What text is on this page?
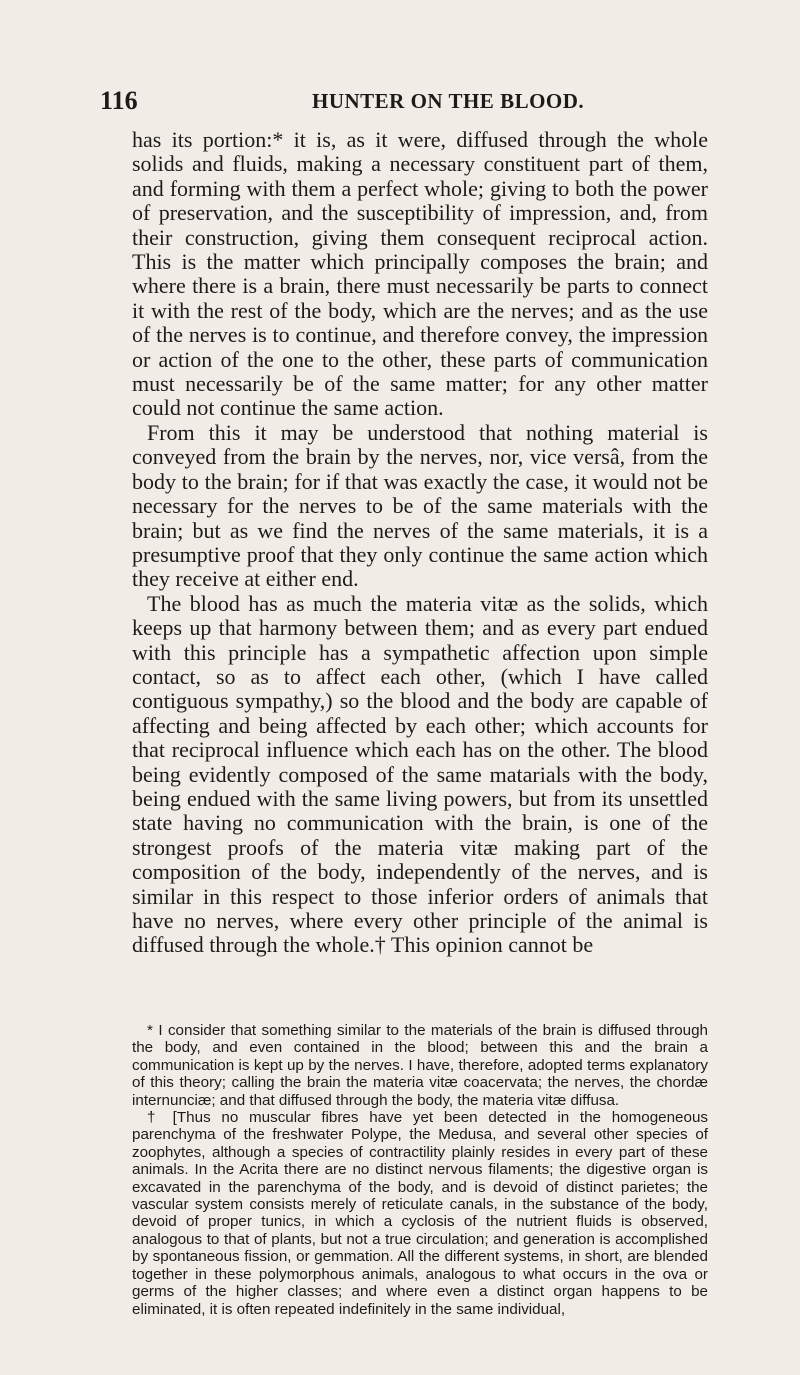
116	HUNTER ON THE BLOOD.

has its portion:* it is, as it were, diffused through the whole solids and fluids, making a necessary constituent part of them, and forming with them a perfect whole; giving to both the power of preservation, and the susceptibility of impression, and, from their construction, giving them consequent reciprocal action. This is the matter which principally composes the brain; and where there is a brain, there must necessarily be parts to connect it with the rest of the body, which are the nerves; and as the use of the nerves is to continue, and therefore convey, the impression or action of the one to the other, these parts of communication must necessarily be of the same matter; for any other matter could not continue the same action.

From this it may be understood that nothing material is conveyed from the brain by the nerves, nor, vice versâ, from the body to the brain; for if that was exactly the case, it would not be necessary for the nerves to be of the same materials with the brain; but as we find the nerves of the same materials, it is a presumptive proof that they only continue the same action which they receive at either end.

The blood has as much the materia vitæ as the solids, which keeps up that harmony between them; and as every part endued with this principle has a sympathetic affection upon simple contact, so as to affect each other, (which I have called contiguous sympathy,) so the blood and the body are capable of affecting and being affected by each other; which accounts for that reciprocal influence which each has on the other. The blood being evidently composed of the same matarials with the body, being endued with the same living powers, but from its unsettled state having no communication with the brain, is one of the strongest proofs of the materia vitæ making part of the composition of the body, independently of the nerves, and is similar in this respect to those inferior orders of animals that have no nerves, where every other principle of the animal is diffused through the whole.† This opinion cannot be

* I consider that something similar to the materials of the brain is diffused through the body, and even contained in the blood; between this and the brain a communication is kept up by the nerves. I have, therefore, adopted terms explanatory of this theory; calling the brain the materia vitæ coacervata; the nerves, the chordæ internunciæ; and that diffused through the body, the materia vitæ diffusa.

† [Thus no muscular fibres have yet been detected in the homogeneous parenchyma of the freshwater Polype, the Medusa, and several other species of zoophytes, although a species of contractility plainly resides in every part of these animals. In the Acrita there are no distinct nervous filaments; the digestive organ is excavated in the parenchyma of the body, and is devoid of distinct parietes; the vascular system consists merely of reticulate canals, in the substance of the body, devoid of proper tunics, in which a cyclosis of the nutrient fluids is observed, analogous to that of plants, but not a true circulation; and generation is accomplished by spontaneous fission, or gemmation. All the different systems, in short, are blended together in these polymorphous animals, analogous to what occurs in the ova or germs of the higher classes; and where even a distinct organ happens to be eliminated, it is often repeated indefinitely in the same individual,
